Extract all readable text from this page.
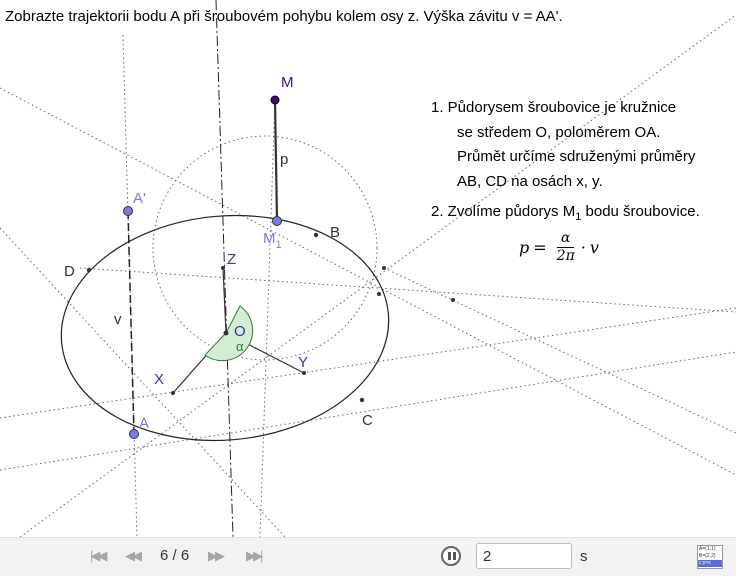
M
p
A'
$M_1$
B
D
Z
v
O
α
X
Y
A	C
Zobrazte trajektorii bodu A při šroubovém pohybu kolem osy z. Výška závitu v = AA'.
1. Půdorysem šroubovice je kružnice
se středem O, poloměrem OA.
Průmět určíme sdruženými průměry
AB, CD na osách x, y.
2. Zvolíme půdorys $M_1$ bodu šroubovice.
$p = \frac{\alpha}{2\pi} \cdot v$
|◀◀ ◀◀ 6 / 6 ▶▶ ▶▶|
2	s	A=(1,1)
B=(2,2)
c:y=x
